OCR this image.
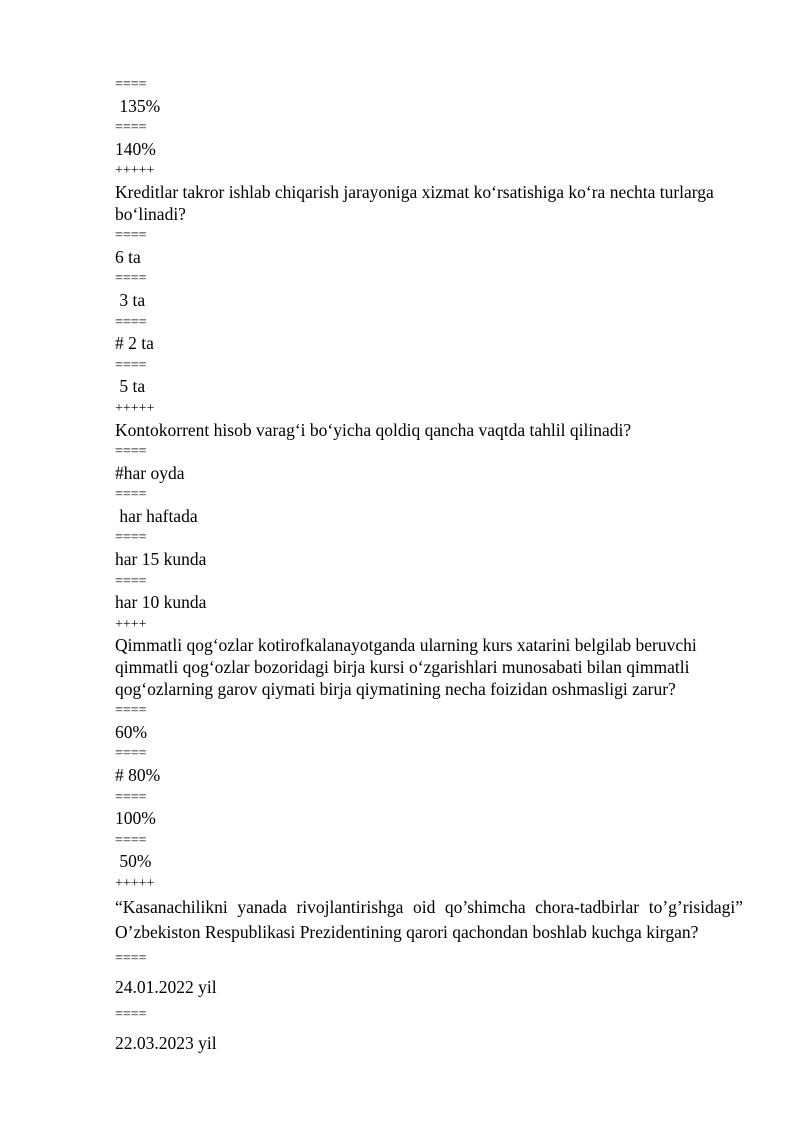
====
135%
====
140%
+++++
Kreditlar takror ishlab chiqarish jarayoniga xizmat ko‘rsatishiga ko‘ra nechta turlarga bo‘linadi?
====
6 ta
====
3 ta
====
# 2 ta
====
5 ta
+++++
Kontokorrent hisob varag‘i bo‘yicha qoldiq qancha vaqtda tahlil qilinadi?
====
#har oyda
====
har haftada
====
har 15 kunda
====
har 10 kunda
++++
Qimmatli qog‘ozlar kotirofkalanayotganda ularning kurs xatarini belgilab beruvchi qimmatli qog‘ozlar bozoridagi birja kursi o‘zgarishlari munosabati bilan qimmatli qog‘ozlarning garov qiymati birja qiymatining necha foizidan oshmasligi zarur?
====
60%
====
# 80%
====
100%
====
50%
+++++
“Kasanachilikni yanada rivojlantirishga oid qo’shimcha chora-tadbirlar to’g’risidagi” O’zbekiston Respublikasi Prezidentining qarori qachondan boshlab kuchga kirgan?
====
24.01.2022 yil
====
22.03.2023 yil
